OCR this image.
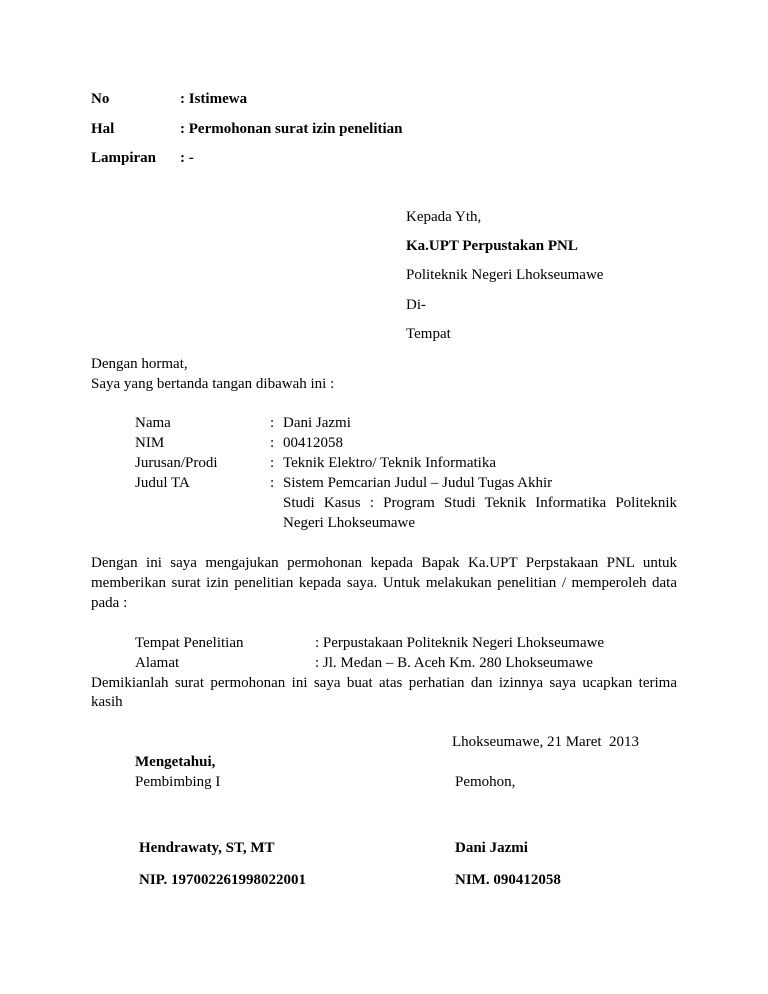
No	: Istimewa
Hal	: Permohonan surat izin penelitian
Lampiran : -
Kepada Yth,
Ka.UPT Perpustakan PNL
Politeknik Negeri Lhokseumawe
Di-
Tempat
Dengan hormat,
Saya yang bertanda tangan dibawah ini :
Nama	: Dani Jazmi
NIM	: 00412058
Jurusan/Prodi	: Teknik Elektro/ Teknik Informatika
Judul TA	: Sistem Pemcarian Judul – Judul Tugas Akhir
Studi Kasus : Program Studi Teknik Informatika Politeknik
Negeri Lhokseumawe
Dengan ini saya mengajukan permohonan kepada Bapak Ka.UPT Perpstakaan PNL untuk
memberikan surat izin penelitian kepada saya. Untuk melakukan penelitian / memperoleh data
pada :
Tempat Penelitian	: Perpustakaan Politeknik Negeri Lhokseumawe
Alamat	: Jl. Medan – B. Aceh Km. 280 Lhokseumawe
Demikianlah surat permohonan ini saya buat atas perhatian dan izinnya saya ucapkan terima
kasih
Lhokseumawe, 21 Maret  2013
Mengetahui,
Pembimbing I	Pemohon,
Hendrawaty, ST, MT	Dani Jazmi
NIP. 197002261998022001	NIM. 090412058
